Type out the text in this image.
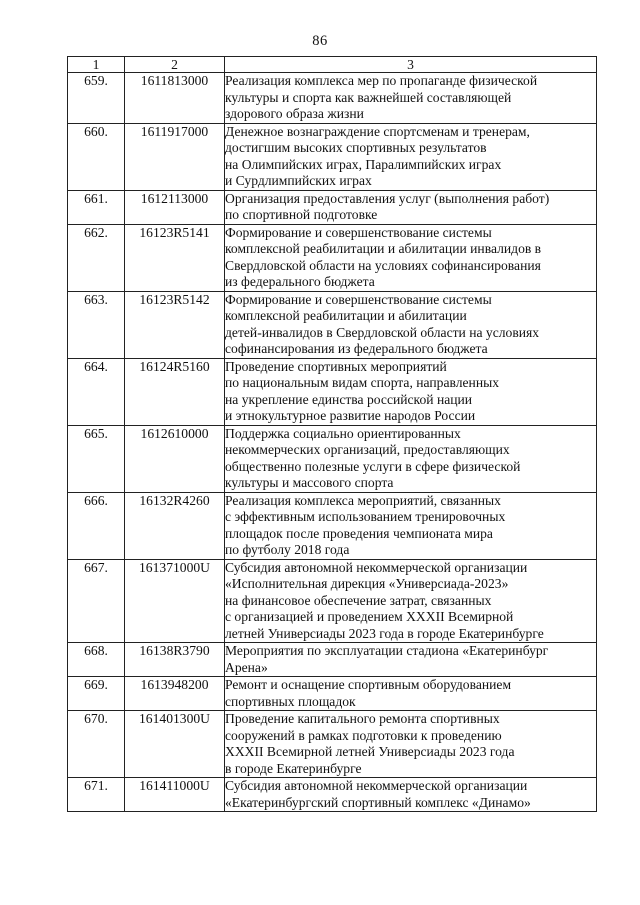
86
1	2	3
659.	1611813000	Реализация комплекса мер по пропаганде физической
культуры и спорта как важнейшей составляющей
здорового образа жизни

660.	1611917000	Денежное вознаграждение спортсменам и тренерам,
достигшим высоких спортивных результатов
на Олимпийских играх, Паралимпийских играх
и Сурдлимпийских играх

661.	1612113000	Организация предоставления услуг (выполнения работ)
по спортивной подготовке

662.	16123R5141	Формирование и совершенствование системы
комплексной реабилитации и абилитации инвалидов в
Свердловской области на условиях софинансирования
из федерального бюджета

663.	16123R5142	Формирование и совершенствование системы
комплексной реабилитации и абилитации
детей-инвалидов в Свердловской области на условиях
софинансирования из федерального бюджета

664.	16124R5160	Проведение спортивных мероприятий
по национальным видам спорта, направленных
на укрепление единства российской нации
и этнокультурное развитие народов России

665.	1612610000	Поддержка социально ориентированных
некоммерческих организаций, предоставляющих
общественно полезные услуги в сфере физической
культуры и массового спорта

666.	16132R4260	Реализация комплекса мероприятий, связанных
с эффективным использованием тренировочных
площадок после проведения чемпионата мира
по футболу 2018 года

667.	161371000U	Субсидия автономной некоммерческой организации
«Исполнительная дирекция «Универсиада-2023»
на финансовое обеспечение затрат, связанных
с организацией и проведением XXXII Всемирной
летней Универсиады 2023 года в городе Екатеринбурге

668.	16138R3790	Мероприятия по эксплуатации стадиона «Екатеринбург
Арена»

669.	1613948200	Ремонт и оснащение спортивным оборудованием
спортивных площадок

670.	161401300U	Проведение капитального ремонта спортивных
сооружений в рамках подготовки к проведению
XXXII Всемирной летней Универсиады 2023 года
в городе Екатеринбурге

671.	161411000U	Субсидия автономной некоммерческой организации
«Екатеринбургский спортивный комплекс «Динамо»
